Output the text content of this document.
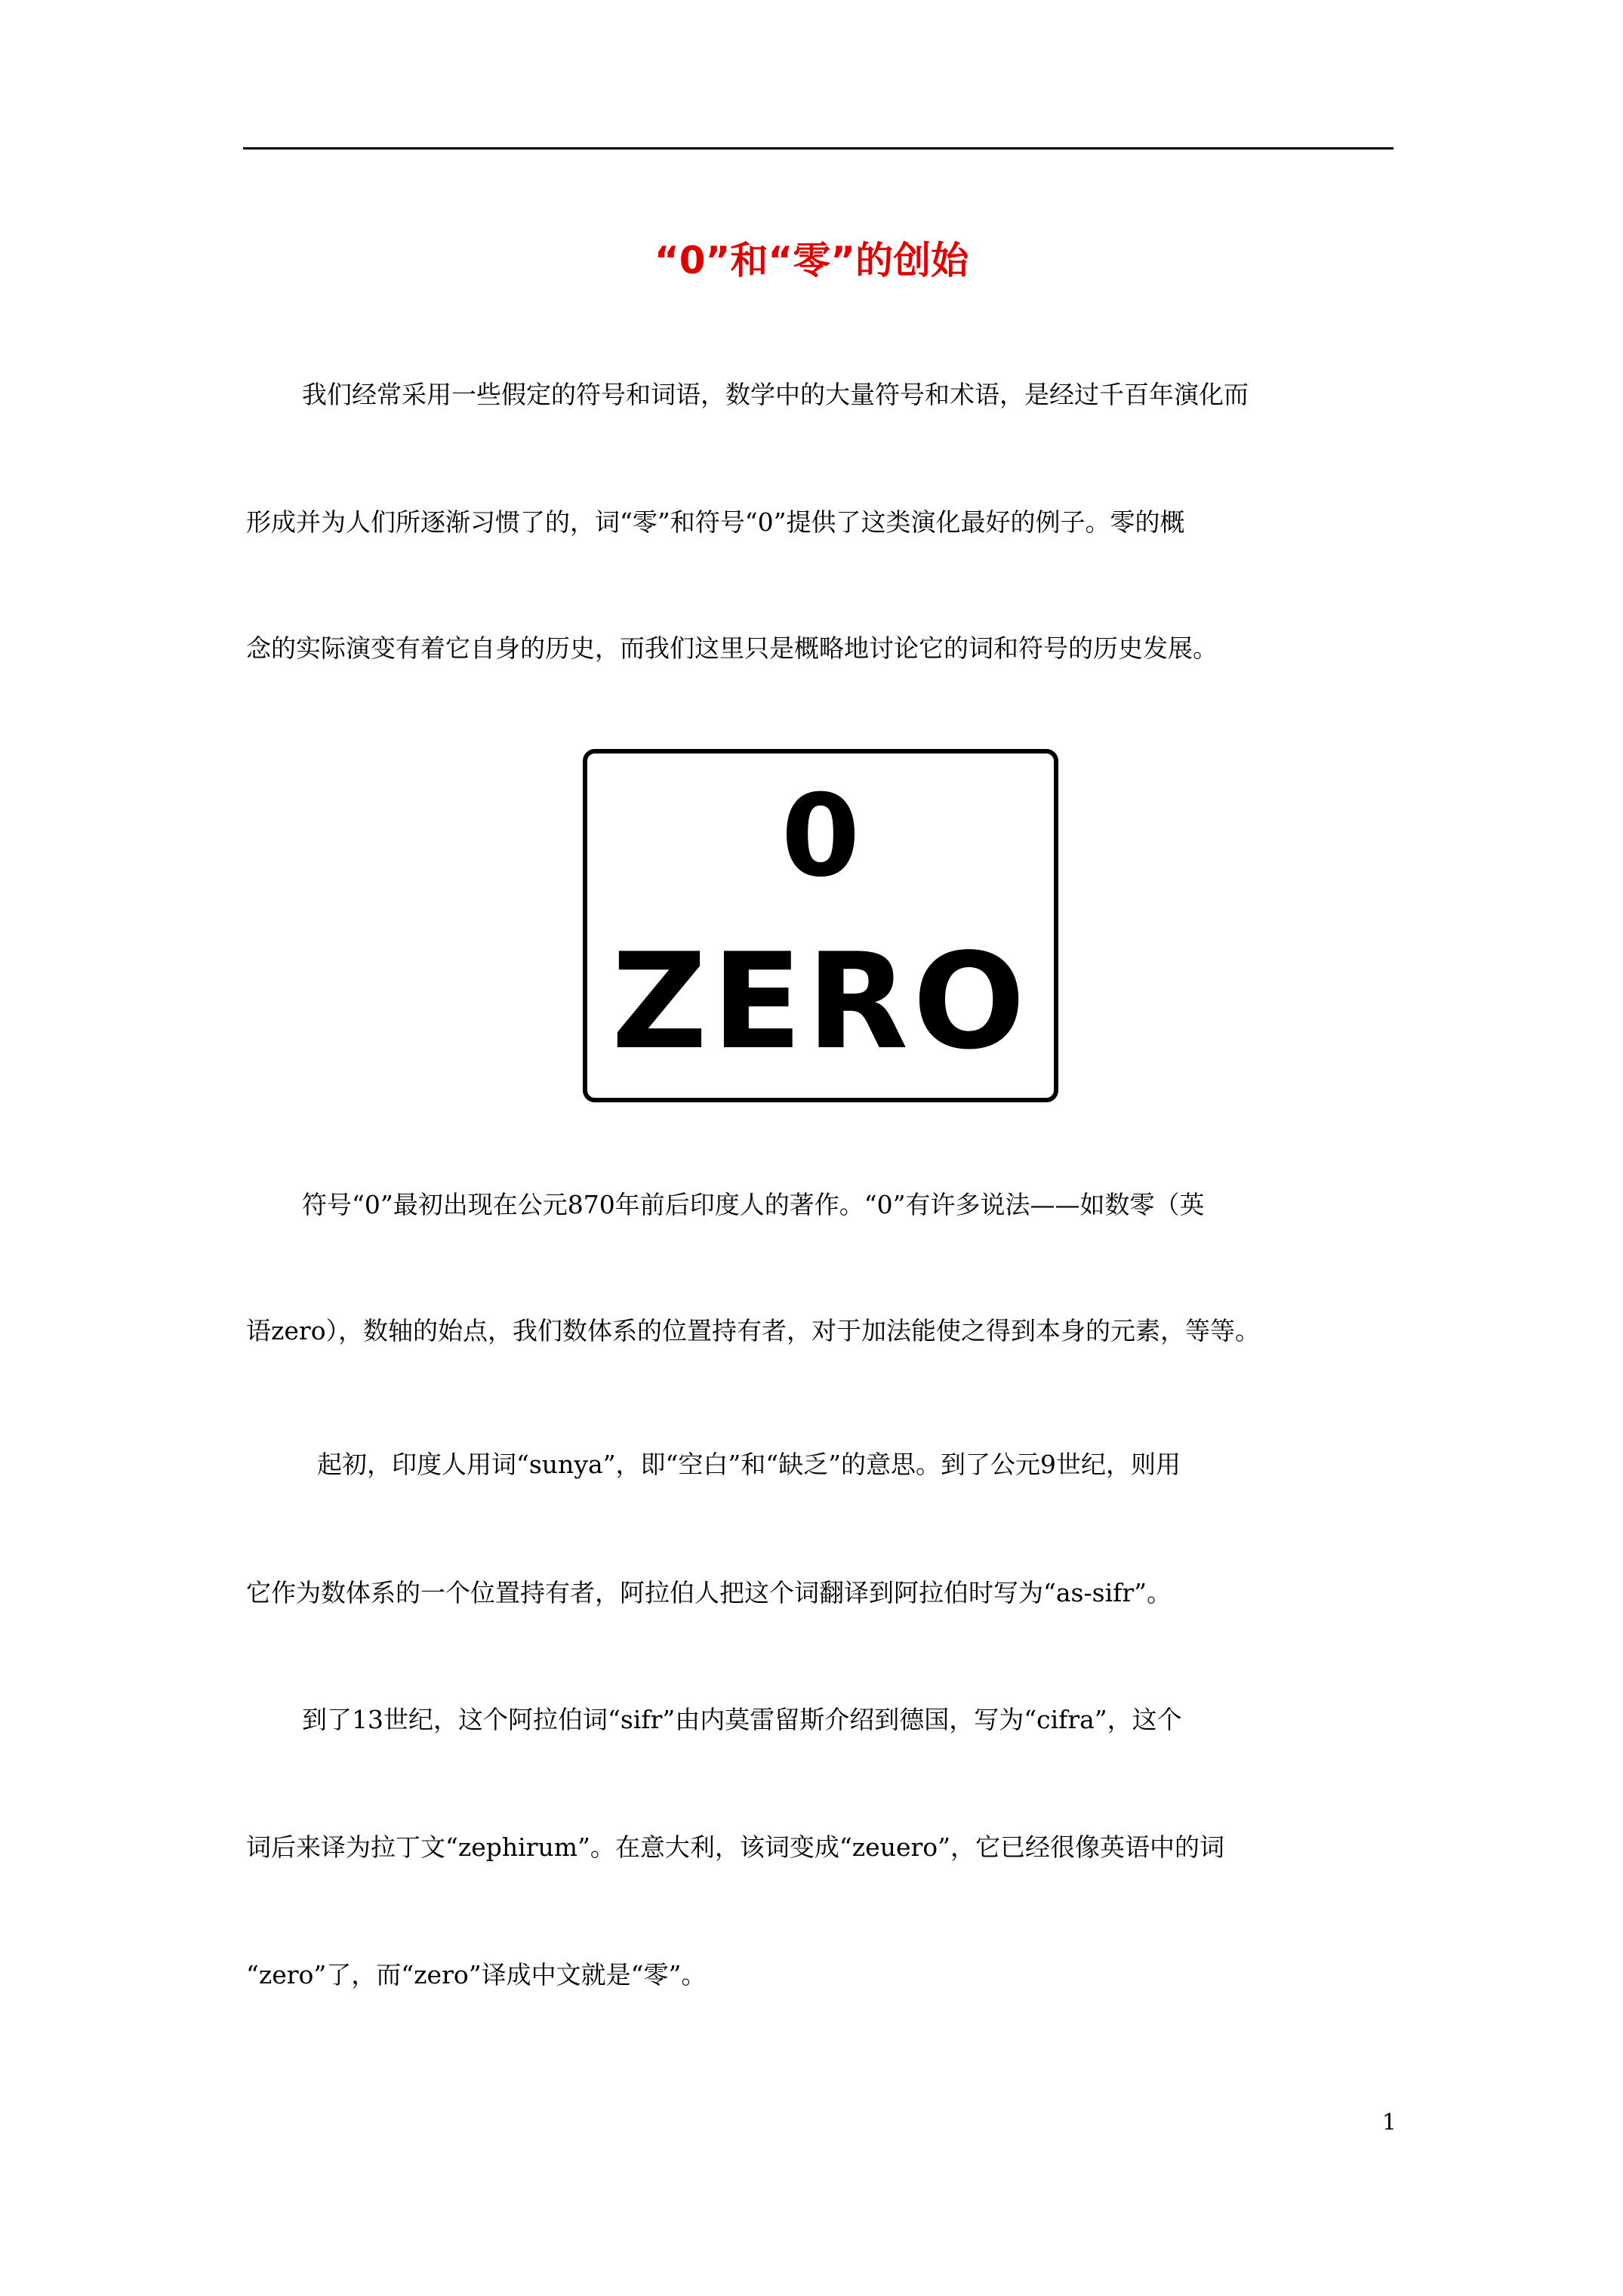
“0”和“零”的创始
我们经常采用一些假定的符号和词语，数学中的大量符号和术语，是经过千百年演化而
形成并为人们所逐渐习惯了的，词“零”和符号“0”提供了这类演化最好的例子。零的概
念的实际演变有着它自身的历史，而我们这里只是概略地讨论它的词和符号的历史发展。
0
ZERO
符号“0”最初出现在公元870年前后印度人的著作。“0”有许多说法——如数零（英
语zero），数轴的始点，我们数体系的位置持有者，对于加法能使之得到本身的元素，等等。
起初，印度人用词“sunya”，即“空白”和“缺乏”的意思。到了公元9世纪，则用
它作为数体系的一个位置持有者，阿拉伯人把这个词翻译到阿拉伯时写为“as-sifr”。
到了13世纪，这个阿拉伯词“sifr”由内莫雷留斯介绍到德国，写为“cifra”，这个
词后来译为拉丁文“zephirum”。在意大利，该词变成“zeuero”，它已经很像英语中的词
“zero”了，而“zero”译成中文就是“零”。
1
